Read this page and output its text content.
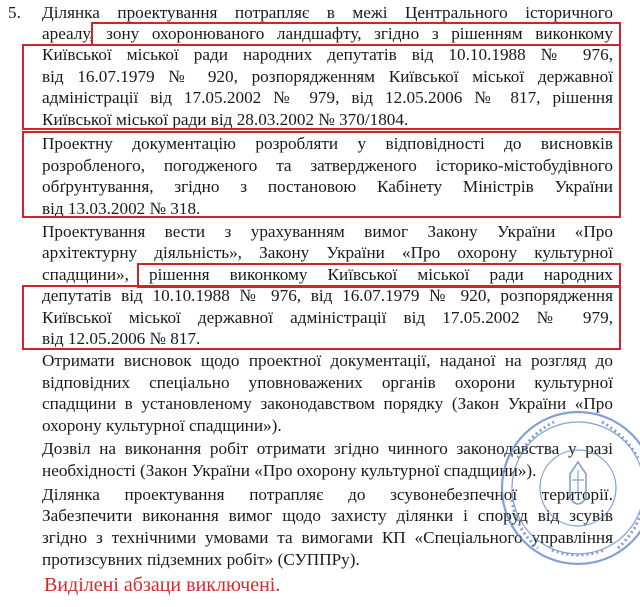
5. Ділянка проектування потрапляє в межі Центрального історичного
ареалу, зону охоронюваного ландшафту, згідно з рішенням виконкому
Київської міської ради народних депутатів від 10.10.1988 № 976,
від 16.07.1979 № 920, розпорядженням Київської міської державної
адміністрації від 17.05.2002 № 979, від 12.05.2006 № 817, рішення
Київської міської ради від 28.03.2002 № 370/1804.
Проектну документацію розробляти у відповідності до висновків
розробленого, погодженого та затвердженого історико-містобудівного
обґрунтування, згідно з постановою Кабінету Міністрів України
від 13.03.2002 № 318.
Проектування вести з урахуванням вимог Закону України «Про
архітектурну діяльність», Закону України «Про охорону культурної
спадщини», рішення виконкому Київської міської ради народних
депутатів від 10.10.1988 № 976, від 16.07.1979 № 920, розпорядження
Київської міської державної адміністрації від 17.05.2002 № 979,
від 12.05.2006 № 817.
Отримати висновок щодо проектної документації, наданої на розгляд до
відповідних спеціально уповноважених органів охорони культурної
спадщини в установленому законодавством порядку (Закон України «Про
охорону культурної спадщини»).
Дозвіл на виконання робіт отримати згідно чинного законодавства у разі
необхідності (Закон України «Про охорону культурної спадщини»).
Ділянка проектування потрапляє до зсувонебезпечної території.
Забезпечити виконання вимог щодо захисту ділянки і споруд від зсувів
згідно з технічними умовами та вимогами КП «Спеціального управління
протизсувних підземних робіт» (СУППРу).
Виділені абзаци виключені.
